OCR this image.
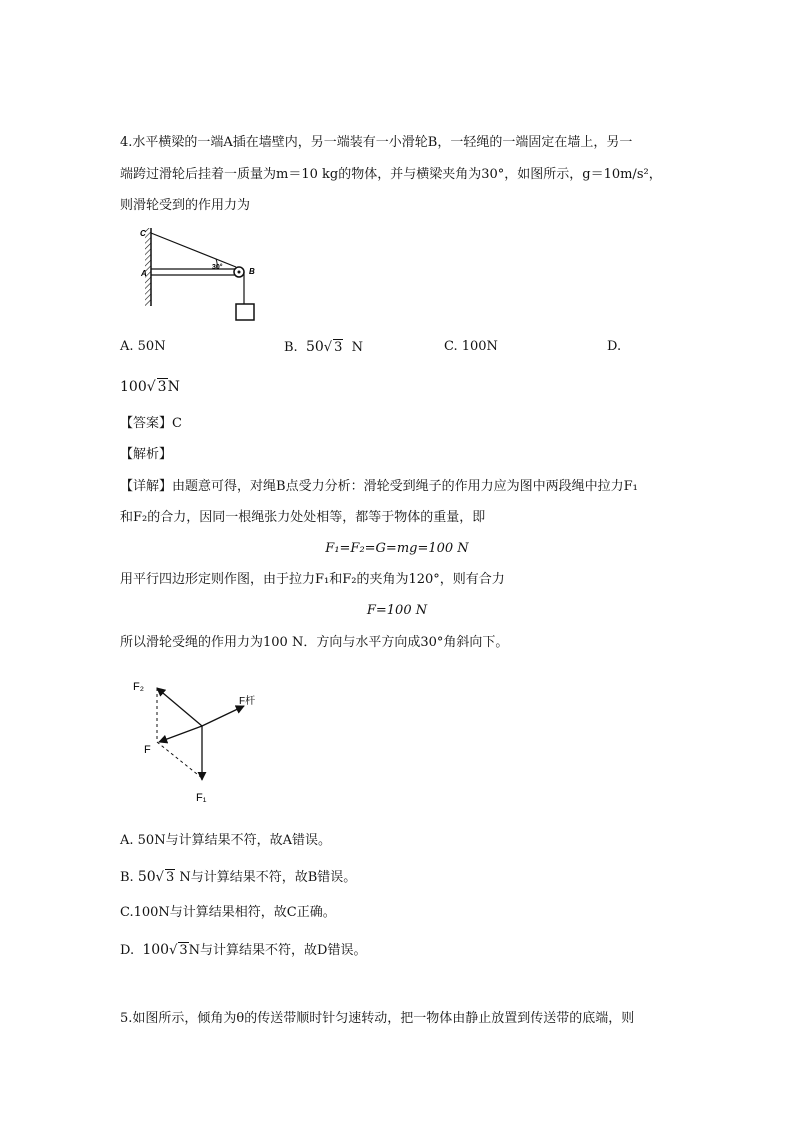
4.水平横梁的一端A插在墙壁内，另一端装有一小滑轮B，一轻绳的一端固定在墙上，另一
端跨过滑轮后挂着一质量为m＝10 kg的物体，并与横梁夹角为30°，如图所示，g＝10m/s²，
则滑轮受到的作用力为
C
A	B
30°
A. 50N	B. 50√ 3 N	C. 100N	D.
100√ 3N
【答案】C
【解析】
【详解】由题意可得，对绳B点受力分析：滑轮受到绳子的作用力应为图中两段绳中拉力F₁
和F₂的合力，因同一根绳张力处处相等，都等于物体的重量，即
F₁=F₂=G=mg=100 N
用平行四边形定则作图，由于拉力F₁和F₂的夹角为120°，则有合力
F=100 N
所以滑轮受绳的作用力为100 N．方向与水平方向成30°角斜向下。
F₂
F₁
F
F杆
A. 50N与计算结果不符，故A错误。
B. 50√ 3 N与计算结果不符，故B错误。
C.100N与计算结果相符，故C正确。
D. 100√ 3N与计算结果不符，故D错误。
5.如图所示，倾角为θ的传送带顺时针匀速转动，把一物体由静止放置到传送带的底端，则
